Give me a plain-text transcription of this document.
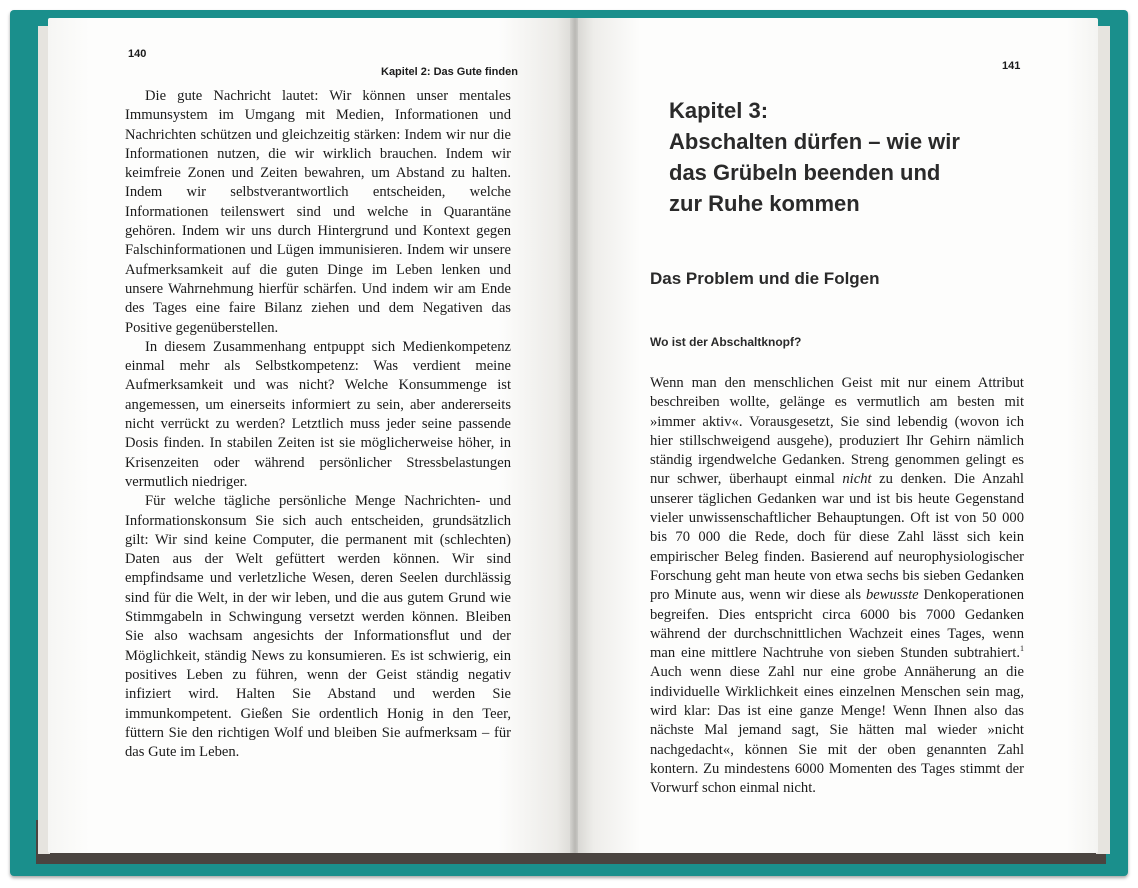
140
Kapitel 2: Das Gute finden

Die gute Nachricht lautet: Wir können unser mentales Immunsystem im Umgang mit Medien, Informationen und Nachrichten schützen und gleichzeitig stärken: Indem wir nur die Informationen nutzen, die wir wirklich brauchen. Indem wir keimfreie Zonen und Zeiten bewahren, um Abstand zu halten. Indem wir selbstverantwortlich entscheiden, welche Informationen teilenswert sind und welche in Quarantäne gehören. Indem wir uns durch Hintergrund und Kontext gegen Falschinformationen und Lügen immunisieren. Indem wir unsere Aufmerksamkeit auf die guten Dinge im Leben lenken und unsere Wahrnehmung hierfür schärfen. Und indem wir am Ende des Tages eine faire Bilanz ziehen und dem Negativen das Positive gegenüberstellen.

In diesem Zusammenhang entpuppt sich Medienkompetenz einmal mehr als Selbstkompetenz: Was verdient meine Aufmerksamkeit und was nicht? Welche Konsummenge ist angemessen, um einerseits informiert zu sein, aber andererseits nicht verrückt zu werden? Letztlich muss jeder seine passende Dosis finden. In stabilen Zeiten ist sie möglicherweise höher, in Krisenzeiten oder während persönlicher Stressbelastungen vermutlich niedriger.

Für welche tägliche persönliche Menge Nachrichten- und Informationskonsum Sie sich auch entscheiden, grundsätzlich gilt: Wir sind keine Computer, die permanent mit (schlechten) Daten aus der Welt gefüttert werden können. Wir sind empfindsame und verletzliche Wesen, deren Seelen durchlässig sind für die Welt, in der wir leben, und die aus gutem Grund wie Stimmgabeln in Schwingung versetzt werden können. Bleiben Sie also wachsam angesichts der Informationsflut und der Möglichkeit, ständig News zu konsumieren. Es ist schwierig, ein positives Leben zu führen, wenn der Geist ständig negativ infiziert wird. Halten Sie Abstand und werden Sie immunkompetent. Gießen Sie ordentlich Honig in den Teer, füttern Sie den richtigen Wolf und bleiben Sie aufmerksam – für das Gute im Leben.

141
Kapitel 3:
Abschalten dürfen – wie wir
das Grübeln beenden und
zur Ruhe kommen
Das Problem und die Folgen
Wo ist der Abschaltknopf?

Wenn man den menschlichen Geist mit nur einem Attribut beschreiben wollte, gelänge es vermutlich am besten mit »immer aktiv«. Vorausgesetzt, Sie sind lebendig (wovon ich hier stillschweigend ausgehe), produziert Ihr Gehirn nämlich ständig irgendwelche Gedanken. Streng genommen gelingt es nur schwer, überhaupt einmal nicht zu denken. Die Anzahl unserer täglichen Gedanken war und ist bis heute Gegenstand vieler unwissenschaftlicher Behauptungen. Oft ist von 50 000 bis 70 000 die Rede, doch für diese Zahl lässt sich kein empirischer Beleg finden. Basierend auf neurophysiologischer Forschung geht man heute von etwa sechs bis sieben Gedanken pro Minute aus, wenn wir diese als bewusste Denkoperationen begreifen. Dies entspricht circa 6000 bis 7000 Gedanken während der durchschnittlichen Wachzeit eines Tages, wenn man eine mittlere Nachtruhe von sieben Stunden subtrahiert.$^1$ Auch wenn diese Zahl nur eine grobe Annäherung an die individuelle Wirklichkeit eines einzelnen Menschen sein mag, wird klar: Das ist eine ganze Menge! Wenn Ihnen also das nächste Mal jemand sagt, Sie hätten mal wieder »nicht nachgedacht«, können Sie mit der oben genannten Zahl kontern. Zu mindestens 6000 Momenten des Tages stimmt der Vorwurf schon einmal nicht.
